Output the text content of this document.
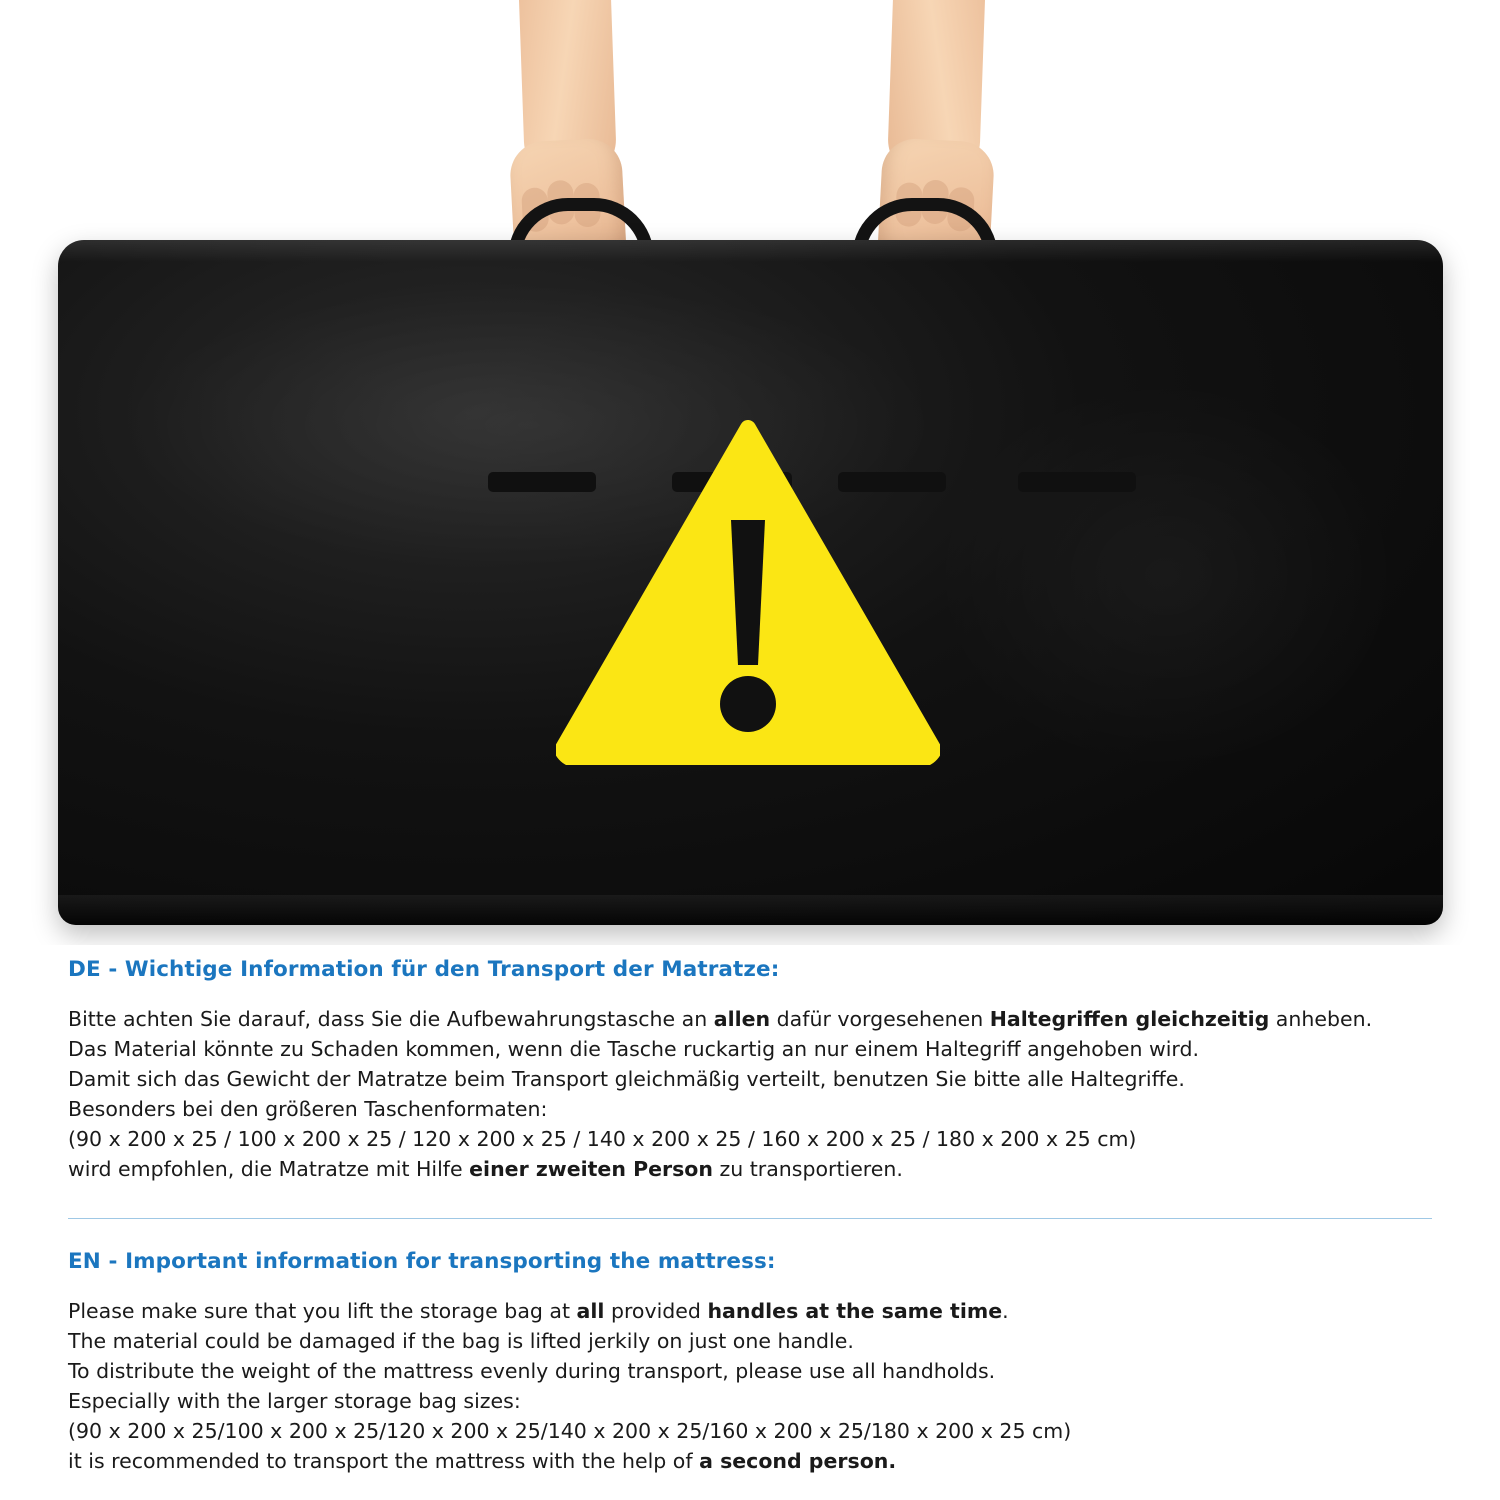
DE - Wichtige Information für den Transport der Matratze:
Bitte achten Sie darauf, dass Sie die Aufbewahrungstasche an allen dafür vorgesehenen Haltegriffen gleichzeitig anheben.
Das Material könnte zu Schaden kommen, wenn die Tasche ruckartig an nur einem Haltegriff angehoben wird.
Damit sich das Gewicht der Matratze beim Transport gleichmäßig verteilt, benutzen Sie bitte alle Haltegriffe.
Besonders bei den größeren Taschenformaten:
(90 x 200 x 25 / 100 x 200 x 25 / 120 x 200 x 25 / 140 x 200 x 25 / 160 x 200 x 25 / 180 x 200 x 25 cm)
wird empfohlen, die Matratze mit Hilfe einer zweiten Person zu transportieren.
EN - Important information for transporting the mattress:
Please make sure that you lift the storage bag at all provided handles at the same time.
The material could be damaged if the bag is lifted jerkily on just one handle.
To distribute the weight of the mattress evenly during transport, please use all handholds.
Especially with the larger storage bag sizes:
(90 x 200 x 25/100 x 200 x 25/120 x 200 x 25/140 x 200 x 25/160 x 200 x 25/180 x 200 x 25 cm)
it is recommended to transport the mattress with the help of a second person.
